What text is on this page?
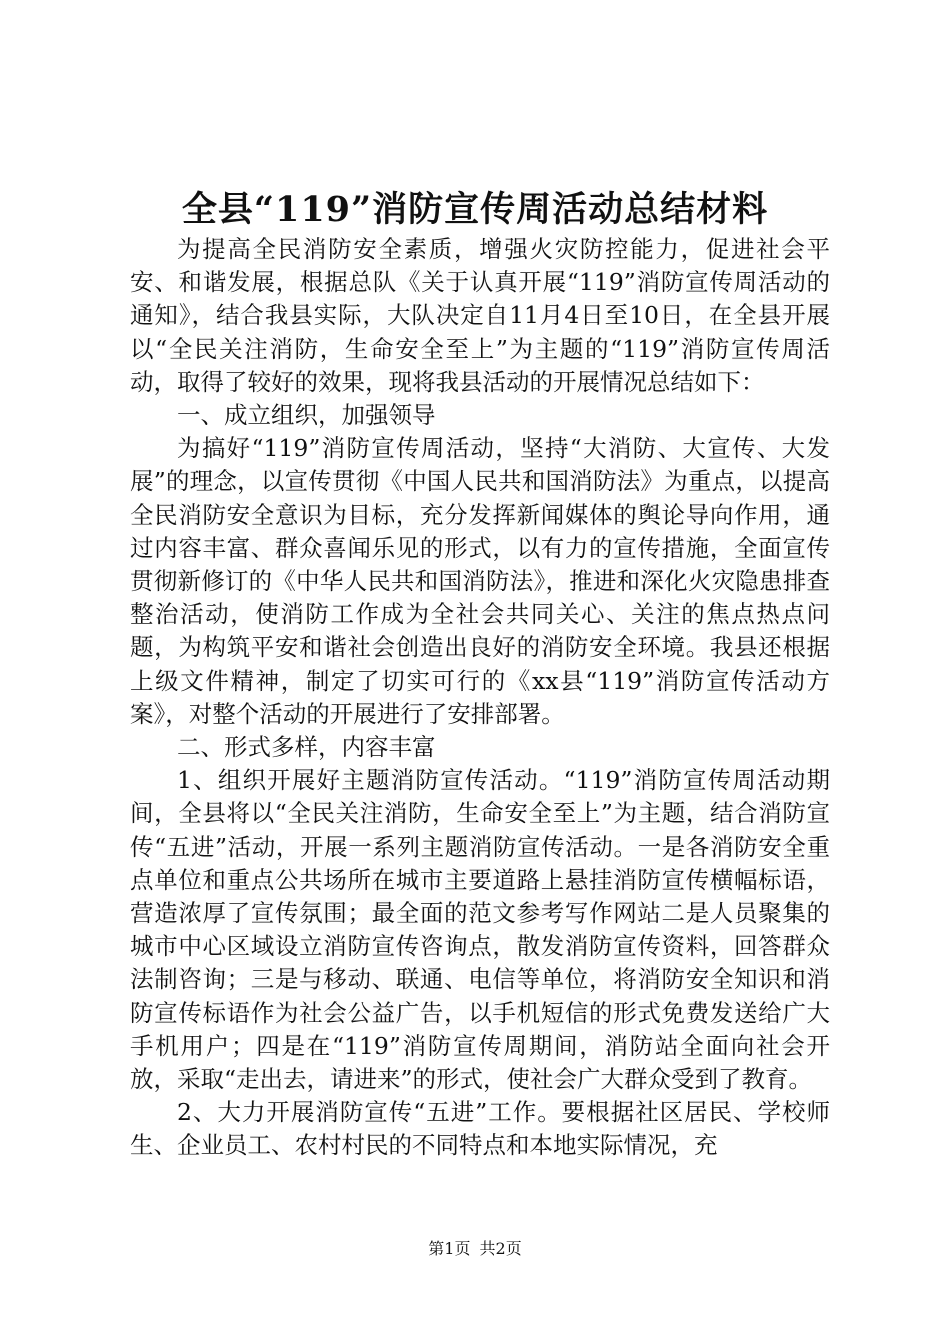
全县“119”消防宣传周活动总结材料

为提高全民消防安全素质，增强火灾防控能力，促进社会平安、和谐发展，根据总队《关于认真开展“119”消防宣传周活动的通知》，结合我县实际，大队决定自11月4日至10日，在全县开展以“全民关注消防，生命安全至上”为主题的“119”消防宣传周活动，取得了较好的效果，现将我县活动的开展情况总结如下：

一、成立组织，加强领导

为搞好“119”消防宣传周活动，坚持“大消防、大宣传、大发展”的理念，以宣传贯彻《中国人民共和国消防法》为重点，以提高全民消防安全意识为目标，充分发挥新闻媒体的舆论导向作用，通过内容丰富、群众喜闻乐见的形式，以有力的宣传措施，全面宣传贯彻新修订的《中华人民共和国消防法》，推进和深化火灾隐患排查整治活动，使消防工作成为全社会共同关心、关注的焦点热点问题，为构筑平安和谐社会创造出良好的消防安全环境。我县还根据上级文件精神，制定了切实可行的《xx县“119”消防宣传活动方案》，对整个活动的开展进行了安排部署。

二、形式多样，内容丰富

1、组织开展好主题消防宣传活动。“119”消防宣传周活动期间，全县将以“全民关注消防，生命安全至上”为主题，结合消防宣传“五进”活动，开展一系列主题消防宣传活动。一是各消防安全重点单位和重点公共场所在城市主要道路上悬挂消防宣传横幅标语，营造浓厚了宣传氛围；最全面的范文参考写作网站二是人员聚集的城市中心区域设立消防宣传咨询点，散发消防宣传资料，回答群众法制咨询；三是与移动、联通、电信等单位，将消防安全知识和消防宣传标语作为社会公益广告，以手机短信的形式免费发送给广大手机用户；四是在“119”消防宣传周期间，消防站全面向社会开放，采取“走出去，请进来”的形式，使社会广大群众受到了教育。

2、大力开展消防宣传“五进”工作。要根据社区居民、学校师生、企业员工、农村村民的不同特点和本地实际情况，充

第1页 共2页
